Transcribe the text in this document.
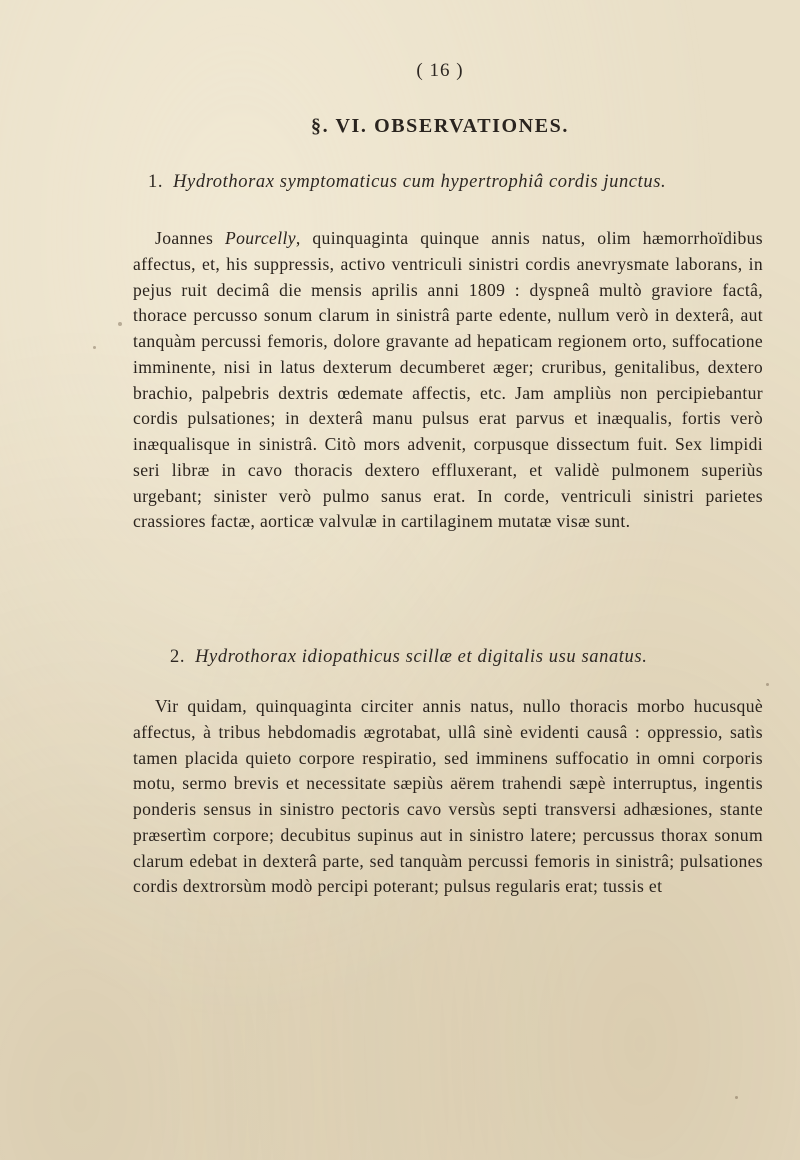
( 16 )
§. VI. OBSERVATIONES.
1. Hydrothorax symptomaticus cum hypertrophiâ cordis junctus.
Joannes Pourcelly, quinquaginta quinque annis natus, olim hæmorrhoïdibus affectus, et, his suppressis, activo ventriculi sinistri cordis anevrysmate laborans, in pejus ruit decimâ die mensis aprilis anni 1809 : dyspneâ multò graviore factâ, thorace percusso sonum clarum in sinistrâ parte edente, nullum verò in dexterâ, aut tanquàm percussi femoris, dolore gravante ad hepaticam regionem orto, suffocatione imminente, nisi in latus dexterum decumberet æger; cruribus, genitalibus, dextero brachio, palpebris dextris œdemate affectis, etc. Jam ampliùs non percipiebantur cordis pulsationes; in dexterâ manu pulsus erat parvus et inæqualis, fortis verò inæqualisque in sinistrâ. Citò mors advenit, corpusque dissectum fuit. Sex limpidi seri libræ in cavo thoracis dextero effluxerant, et validè pulmonem superiùs urgebant; sinister verò pulmo sanus erat. In corde, ventriculi sinistri parietes crassiores factæ, aorticæ valvulæ in cartilaginem mutatæ visæ sunt.
2. Hydrothorax idiopathicus scillæ et digitalis usu sanatus.
Vir quidam, quinquaginta circiter annis natus, nullo thoracis morbo hucusquè affectus, à tribus hebdomadis ægrotabat, ullâ sinè evidenti causâ : oppressio, satìs tamen placida quieto corpore respiratio, sed imminens suffocatio in omni corporis motu, sermo brevis et necessitate sæpiùs aërem trahendi sæpè interruptus, ingentis ponderis sensus in sinistro pectoris cavo versùs septi transversi adhæsiones, stante præsertìm corpore; decubitus supinus aut in sinistro latere; percussus thorax sonum clarum edebat in dexterâ parte, sed tanquàm percussi femoris in sinistrâ; pulsationes cordis dextrorsùm modò percipi poterant; pulsus regularis erat; tussis et
